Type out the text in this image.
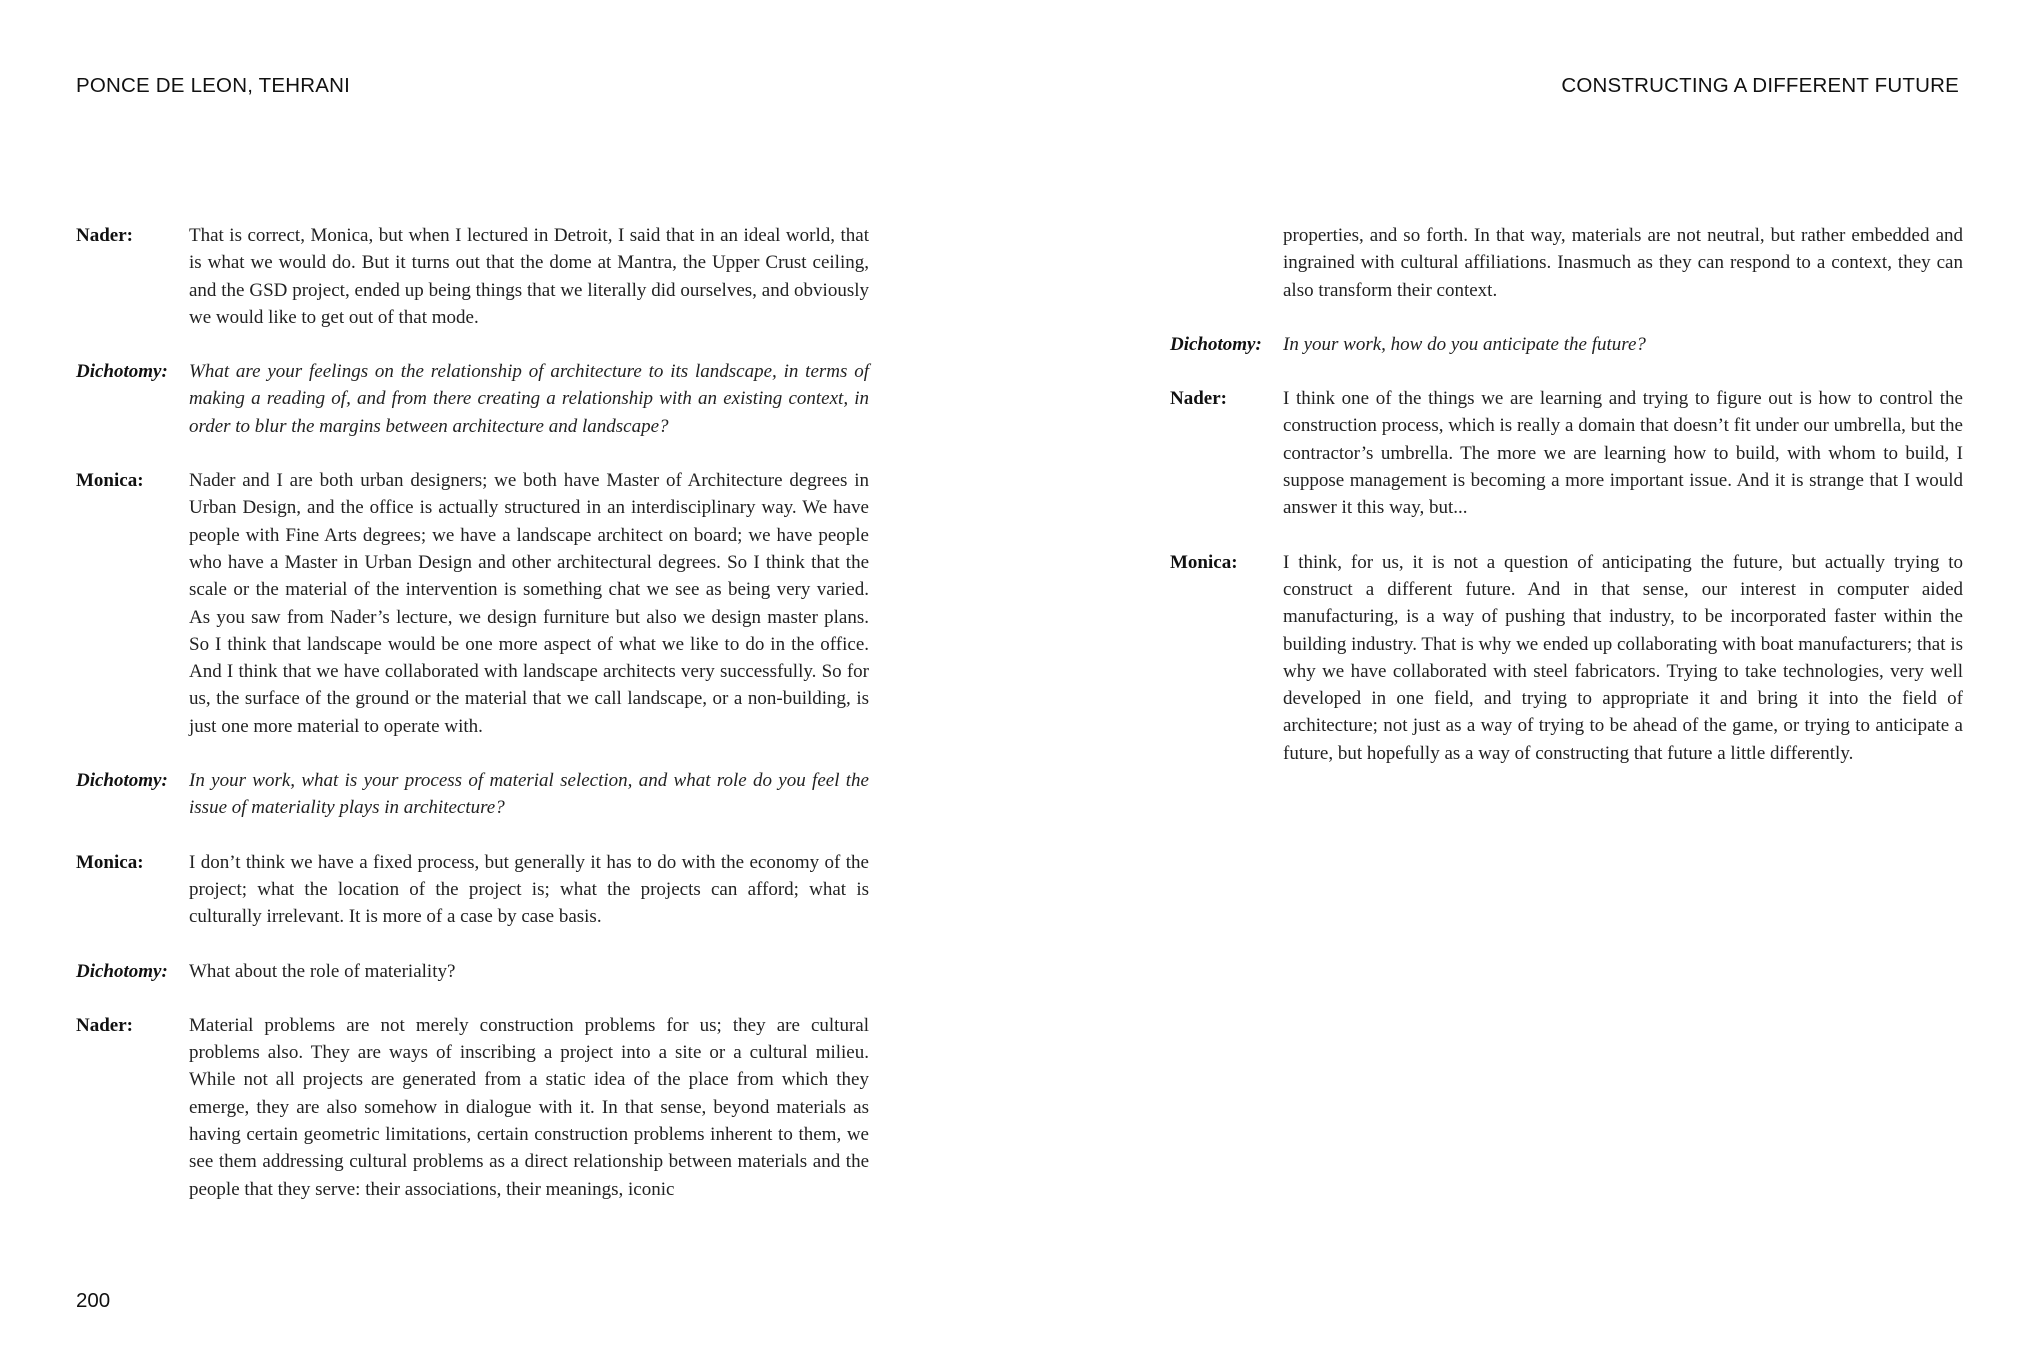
PONCE DE LEON, TEHRANI	CONSTRUCTING A DIFFERENT FUTURE
Nader:	That is correct, Monica, but when I lectured in Detroit, I said that in an ideal world, that is what we would do. But it turns out that the dome at Mantra, the Upper Crust ceiling, and the GSD project, ended up being things that we literally did ourselves, and obviously we would like to get out of that mode.
Dichotomy:	What are your feelings on the relationship of architecture to its landscape, in terms of making a reading of, and from there creating a relationship with an existing context, in order to blur the margins between architecture and landscape?
Monica:	Nader and I are both urban designers; we both have Master of Architecture degrees in Urban Design, and the office is actually structured in an interdisciplinary way. We have people with Fine Arts degrees; we have a landscape architect on board; we have people who have a Master in Urban Design and other architectural degrees. So I think that the scale or the material of the intervention is something chat we see as being very varied. As you saw from Nader’s lecture, we design furniture but also we design master plans. So I think that landscape would be one more aspect of what we like to do in the office. And I think that we have collaborated with landscape architects very successfully. So for us, the surface of the ground or the material that we call landscape, or a non-building, is just one more material to operate with.
Dichotomy:	In your work, what is your process of material selection, and what role do you feel the issue of materiality plays in architecture?
Monica:	I don’t think we have a fixed process, but generally it has to do with the economy of the project; what the location of the project is; what the projects can afford; what is culturally irrelevant. It is more of a case by case basis.
Dichotomy:	What about the role of materiality?
Nader:	Material problems are not merely construction problems for us; they are cultural problems also. They are ways of inscribing a project into a site or a cultural milieu. While not all projects are generated from a static idea of the place from which they emerge, they are also somehow in dialogue with it. In that sense, beyond materials as having certain geometric limitations, certain construction problems inherent to them, we see them addressing cultural problems as a direct relationship between materials and the people that they serve: their associations, their meanings, iconic
properties, and so forth. In that way, materials are not neutral, but rather embedded and ingrained with cultural affiliations. Inasmuch as they can respond to a context, they can also transform their context.
Dichotomy:	In your work, how do you anticipate the future?
Nader:	I think one of the things we are learning and trying to figure out is how to control the construction process, which is really a domain that doesn’t fit under our umbrella, but the contractor’s umbrella. The more we are learning how to build, with whom to build, I suppose management is becoming a more important issue. And it is strange that I would answer it this way, but...
Monica:	I think, for us, it is not a question of anticipating the future, but actually trying to construct a different future. And in that sense, our interest in computer aided manufacturing, is a way of pushing that industry, to be incorporated faster within the building industry. That is why we ended up collaborating with boat manufacturers; that is why we have collaborated with steel fabricators. Trying to take technologies, very well developed in one field, and trying to appropriate it and bring it into the field of architecture; not just as a way of trying to be ahead of the game, or trying to anticipate a future, but hopefully as a way of constructing that future a little differently.
200
